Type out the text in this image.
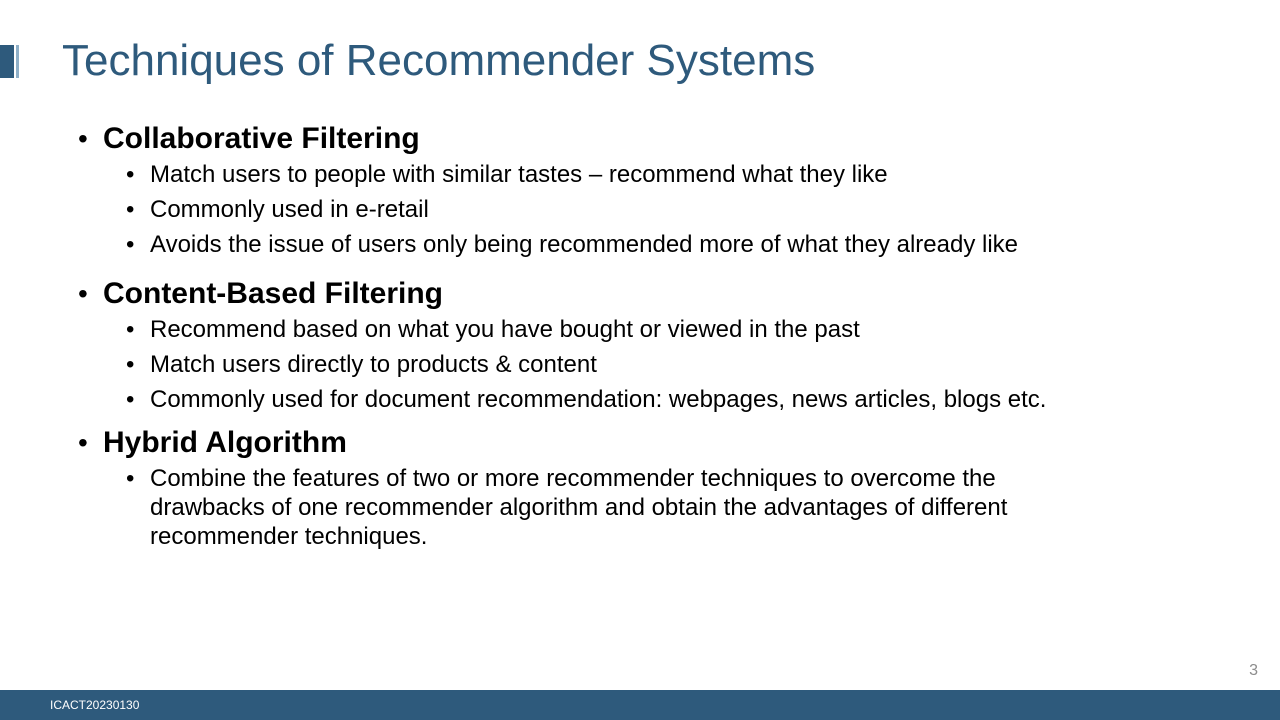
Techniques of Recommender Systems
• Collaborative Filtering
• Match users to people with similar tastes – recommend what they like
• Commonly used in e-retail
• Avoids the issue of users only being recommended more of what they already like
• Content-Based Filtering
• Recommend based on what you have bought or viewed in the past
• Match users directly to products & content
• Commonly used for document recommendation: webpages, news articles, blogs etc.
• Hybrid Algorithm
• Combine the features of two or more recommender techniques to overcome the drawbacks of one recommender algorithm and obtain the advantages of different recommender techniques.
3
ICACT20230130
